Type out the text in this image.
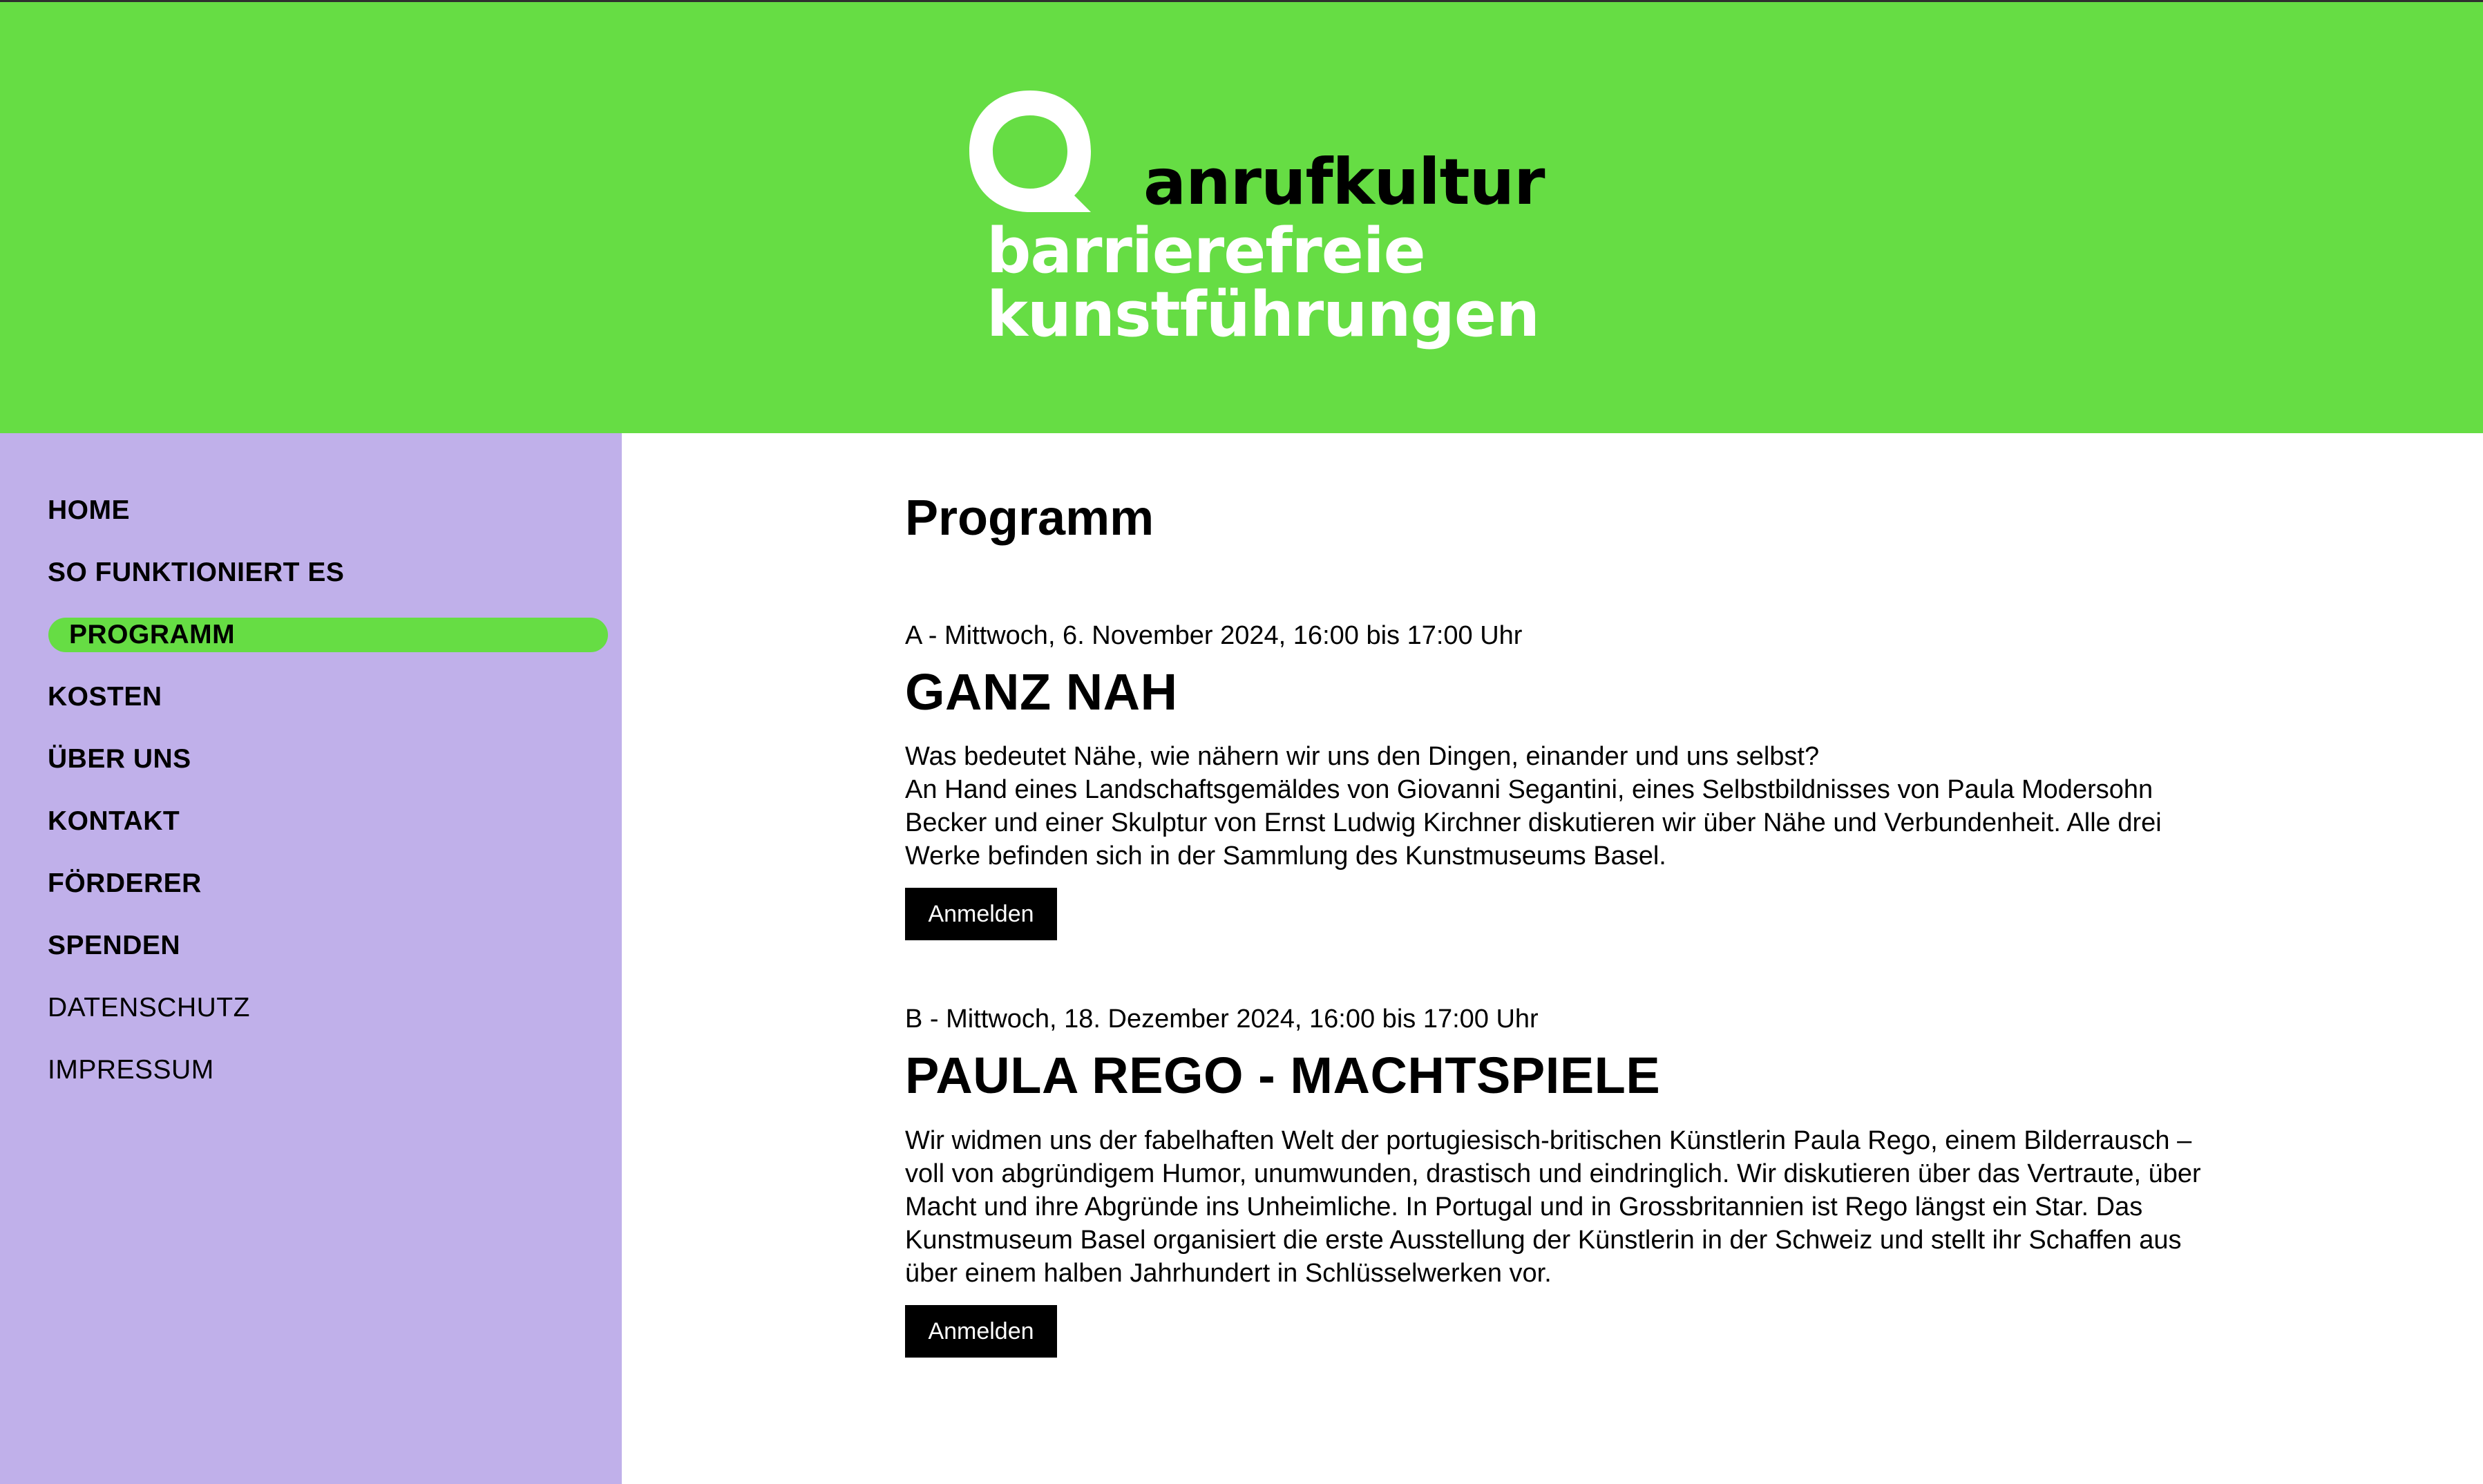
anrufkultur
barrierefreie
kunstführungen
HOME
SO FUNKTIONIERT ES
PROGRAMM
KOSTEN
ÜBER UNS
KONTAKT
FÖRDERER
SPENDEN
DATENSCHUTZ
IMPRESSUM
Programm
A - Mittwoch, 6. November 2024, 16:00 bis 17:00 Uhr
GANZ NAH

Was bedeutet Nähe, wie nähern wir uns den Dingen, einander und uns selbst?

An Hand eines Landschaftsgemäldes von Giovanni Segantini, eines Selbstbildnisses von Paula Modersohn Becker und einer Skulptur von Ernst Ludwig Kirchner diskutieren wir über Nähe und Verbundenheit. Alle drei Werke befinden sich in der Sammlung des Kunstmuseums Basel.

Anmelden
B - Mittwoch, 18. Dezember 2024, 16:00 bis 17:00 Uhr
PAULA REGO - MACHTSPIELE

Wir widmen uns der fabelhaften Welt der portugiesisch-britischen Künstlerin Paula Rego, einem Bilderrausch – voll von abgründigem Humor, unumwunden, drastisch und eindringlich. Wir diskutieren über das Vertraute, über Macht und ihre Abgründe ins Unheimliche. In Portugal und in Grossbritannien ist Rego längst ein Star. Das Kunstmuseum Basel organisiert die erste Ausstellung der Künstlerin in der Schweiz und stellt ihr Schaffen aus über einem halben Jahrhundert in Schlüsselwerken vor.

Anmelden
